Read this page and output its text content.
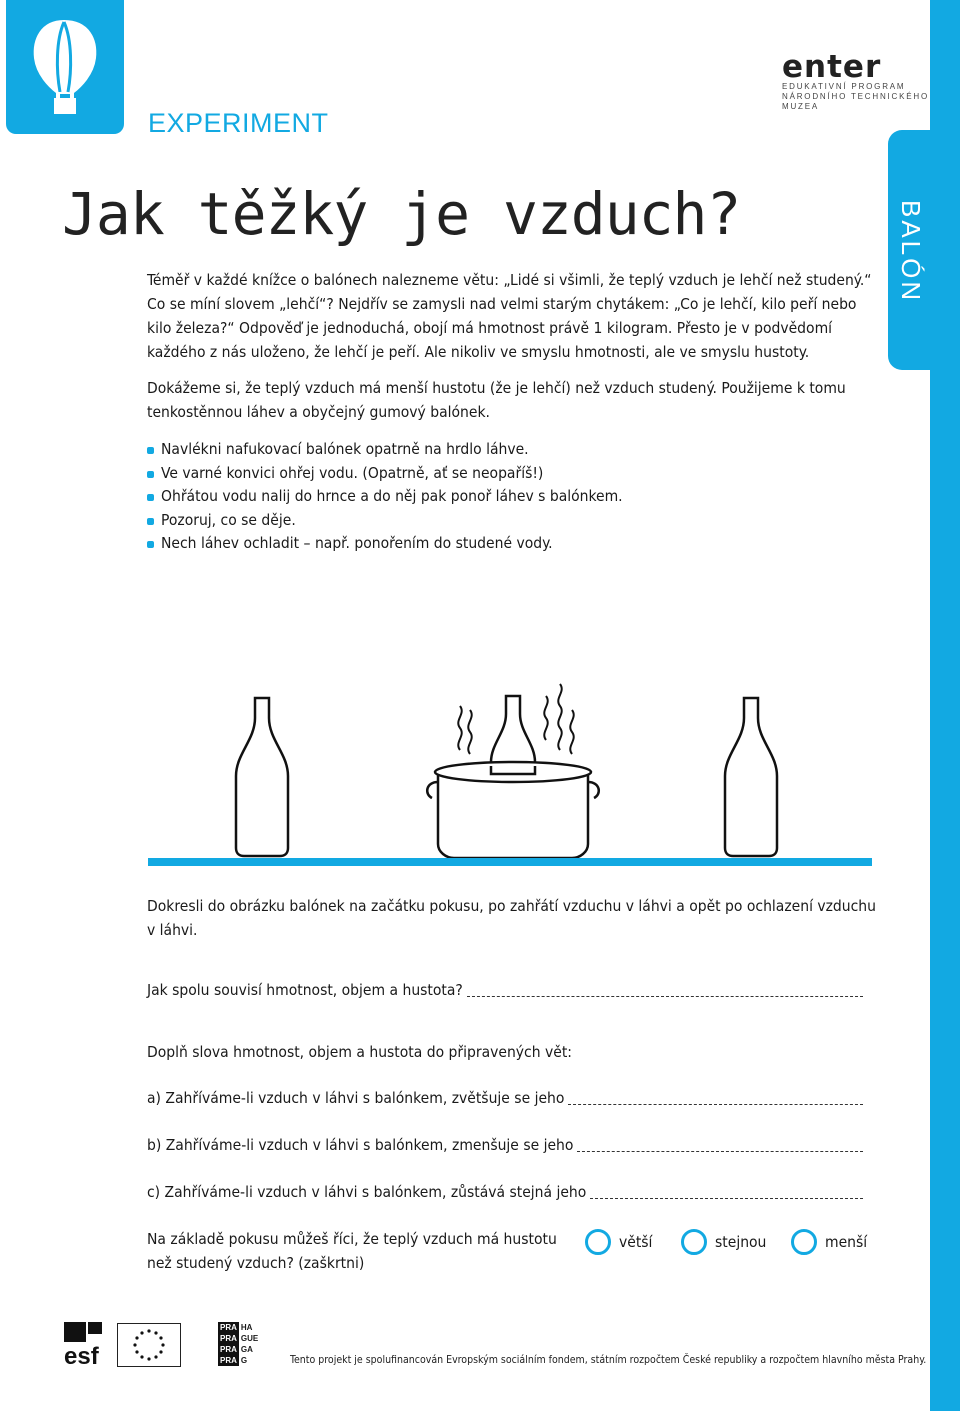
EXPERIMENT
enter
EDUKATIVNÍ PROGRAM
NÁRODNÍHO TECHNICKÉHO MUZEA
BALÓN
Jak těžký je vzduch?
Téměř v každé knížce o balónech nalezneme větu: „Lidé si všimli, že teplý vzduch je lehčí než studený.“ Co se míní slovem „lehčí“? Nejdřív se zamysli nad velmi starým chytákem: „Co je lehčí, kilo peří nebo kilo železa?“ Odpověď je jednoduchá, obojí má hmotnost právě 1 kilogram. Přesto je v podvědomí každého z nás uloženo, že lehčí je peří. Ale nikoliv ve smyslu hmotnosti, ale ve smyslu hustoty.
Dokážeme si, že teplý vzduch má menší hustotu (že je lehčí) než vzduch studený. Použijeme k tomu tenkostěnnou láhev a obyčejný gumový balónek.
Navlékni nafukovací balónek opatrně na hrdlo láhve.
Ve varné konvici ohřej vodu. (Opatrně, ať se neopaříš!)
Ohřátou vodu nalij do hrnce a do něj pak ponoř láhev s balónkem.
Pozoruj, co se děje.
Nech láhev ochladit – např. ponořením do studené vody.
Dokresli do obrázku balónek na začátku pokusu, po zahřátí vzduchu v láhvi a opět po ochlazení vzduchu v láhvi.
Jak spolu souvisí hmotnost, objem a hustota?
Doplň slova hmotnost, objem a hustota do připravených vět:
a) Zahříváme-li vzduch v láhvi s balónkem, zvětšuje se jeho
b) Zahříváme-li vzduch v láhvi s balónkem, zmenšuje se jeho
c) Zahříváme-li vzduch v láhvi s balónkem, zůstává stejná jeho
Na základě pokusu můžeš říci, že teplý vzduch má hustotu
než studený vzduch? (zaškrtni)
větší	stejnou	menší
esf
PRA	HA
PRA	GUE
PRA	GA
PRA	G	Tento projekt je spolufinancován Evropským sociálním fondem, státním rozpočtem České republiky a rozpočtem hlavního města Prahy.
